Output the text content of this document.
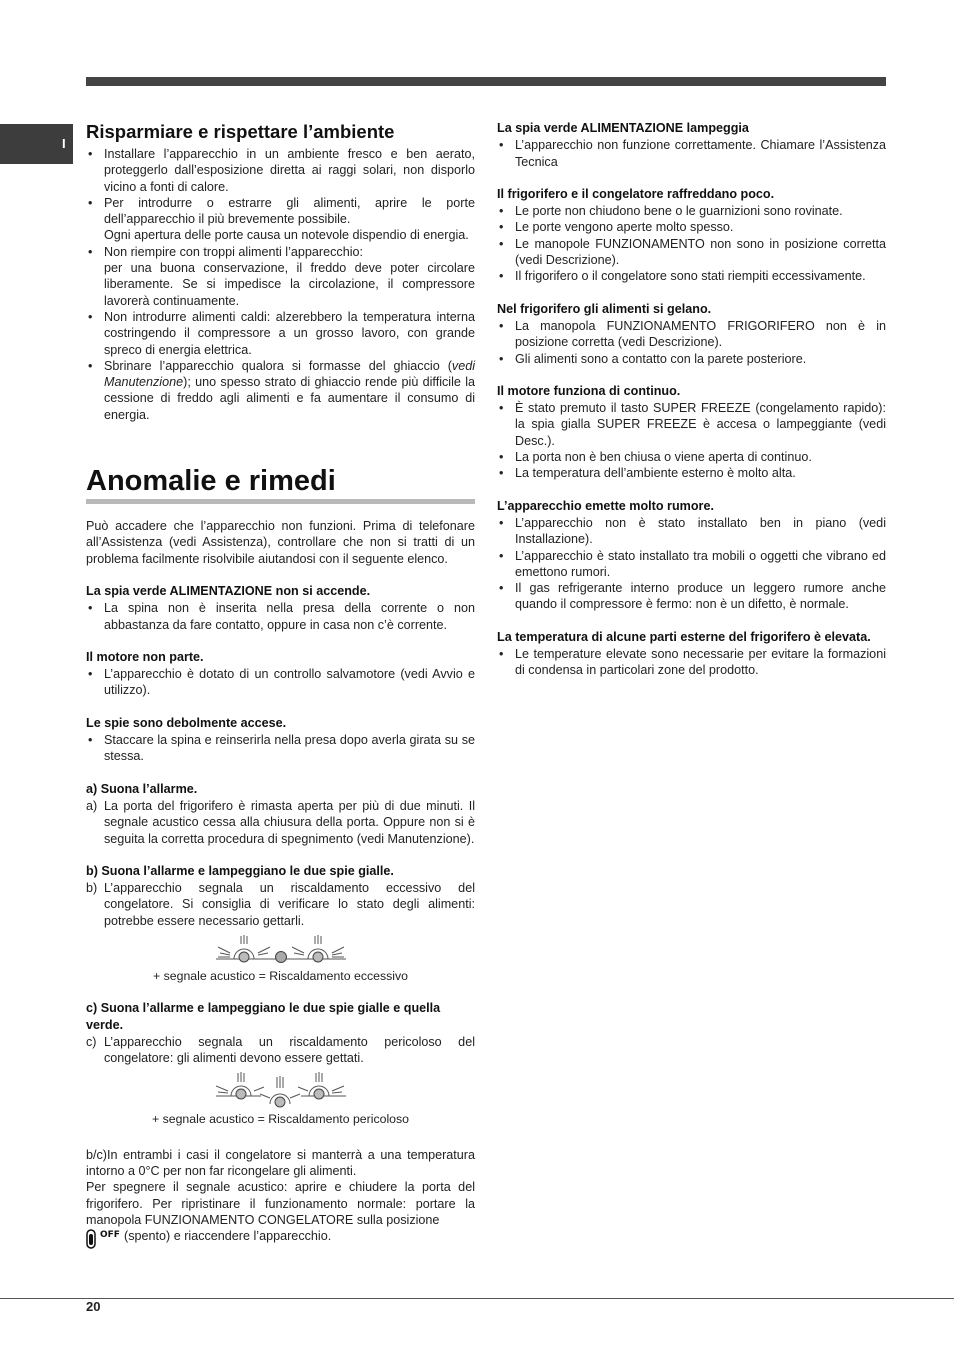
I
Risparmiare e rispettare l’ambiente
• Installare l’apparecchio in un ambiente fresco e ben aerato, proteggerlo dall’esposizione diretta ai raggi solari, non disporlo vicino a fonti di calore.
• Per introdurre o estrarre gli alimenti, aprire le porte dell’apparecchio il più brevemente possibile.
Ogni apertura delle porte causa un notevole dispendio di energia.
• Non riempire con troppi alimenti l’apparecchio:
per una buona conservazione, il freddo deve poter circolare liberamente. Se si impedisce la circolazione, il compressore lavorerà continuamente.
• Non introdurre alimenti caldi: alzerebbero la temperatura interna costringendo il compressore a un grosso lavoro, con grande spreco di energia elettrica.
• Sbrinare l’apparecchio qualora si formasse del ghiaccio (vedi Manutenzione); uno spesso strato di ghiaccio rende più difficile la cessione di freddo agli alimenti e fa aumentare il consumo di energia.
Anomalie e rimedi

Può accadere che l’apparecchio non funzioni. Prima di telefonare all’Assistenza (vedi Assistenza), controllare che non si tratti di un problema facilmente risolvibile aiutandosi con il seguente elenco.

La spia verde ALIMENTAZIONE non si accende.
• La spina non è inserita nella presa della corrente o non abbastanza da fare contatto, oppure in casa non c’è corrente.
Il motore non parte.
• L’apparecchio è dotato di un controllo salvamotore (vedi Avvio e utilizzo).
Le spie sono debolmente accese.
• Staccare la spina e reinserirla nella presa dopo averla girata su se stessa.
a) Suona l’allarme.
a) La porta del frigorifero è rimasta aperta per più di due minuti. Il segnale acustico cessa alla chiusura della porta. Oppure non si è seguita la corretta procedura di spegnimento (vedi Manutenzione).
b) Suona l’allarme e lampeggiano le due spie gialle.
b) L’apparecchio segnala un riscaldamento eccessivo del congelatore. Si consiglia di verificare lo stato degli alimenti: potrebbe essere necessario gettarli.
+ segnale acustico = Riscaldamento eccessivo
c) Suona l’allarme e lampeggiano le due spie gialle e quella verde.
c) L’apparecchio segnala un riscaldamento pericoloso del congelatore: gli alimenti devono essere gettati.
+ segnale acustico = Riscaldamento pericoloso

b/c)In entrambi i casi il congelatore si manterrà a una temperatura intorno a 0°C per non far ricongelare gli alimenti.

Per spegnere il segnale acustico: aprire e chiudere la porta del frigorifero. Per ripristinare il funzionamento normale: portare la manopola FUNZIONAMENTO CONGELATORE sulla posizione

OFF (spento) e riaccendere l’apparecchio.
La spia verde ALIMENTAZIONE lampeggia
• L’apparecchio non funzione correttamente. Chiamare l’Assistenza Tecnica
Il frigorifero e il congelatore raffreddano poco.
• Le porte non chiudono bene o le guarnizioni sono rovinate.
• Le porte vengono aperte molto spesso.
• Le manopole FUNZIONAMENTO non sono in posizione corretta (vedi Descrizione).
• Il frigorifero o il congelatore sono stati riempiti eccessivamente.
Nel frigorifero gli alimenti si gelano.
• La manopola FUNZIONAMENTO FRIGORIFERO non è in posizione corretta (vedi Descrizione).
• Gli alimenti sono a contatto con la parete posteriore.
Il motore funziona di continuo.
• È stato premuto il tasto SUPER FREEZE (congelamento rapido): la spia gialla SUPER FREEZE è accesa o lampeggiante (vedi Desc.).
• La porta non è ben chiusa o viene aperta di continuo.
• La temperatura dell’ambiente esterno è molto alta.
L’apparecchio emette molto rumore.
• L’apparecchio non è stato installato ben in piano (vedi Installazione).
• L’apparecchio è stato installato tra mobili o oggetti che vibrano ed emettono rumori.
• Il gas refrigerante interno produce un leggero rumore anche quando il compressore è fermo: non è un difetto, è normale.
La temperatura di alcune parti esterne del frigorifero è elevata.
• Le temperature elevate sono necessarie per evitare la formazioni di condensa in particolari zone del prodotto.
20
